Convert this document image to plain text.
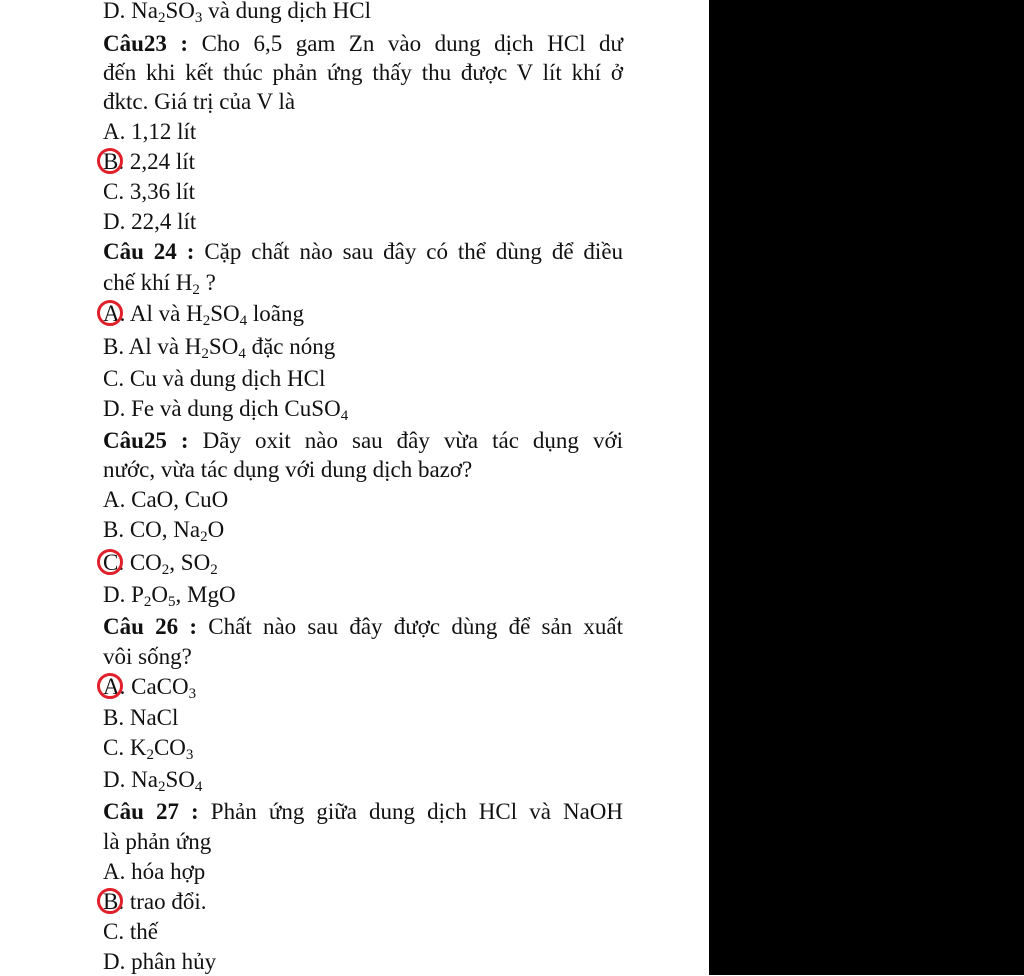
D. $Na_2SO_3$ và dung dịch HCl
Câu23 : Cho 6,5 gam Zn vào dung dịch HCl dư
đến khi kết thúc phản ứng thấy thu được V lít khí ở
đktc. Giá trị của V là
A. 1,12 lít
B. 2,24 lít
C. 3,36 lít
D. 22,4 lít
Câu 24 : Cặp chất nào sau đây có thể dùng để điều
chế khí $H_2$ ?
A. Al và $H_2SO_4$ loãng
B. Al và $H_2SO_4$ đặc nóng
C. Cu và dung dịch HCl
D. Fe và dung dịch CuSO$_4$
Câu25 : Dãy oxit nào sau đây vừa tác dụng với
nước, vừa tác dụng với dung dịch bazơ?
A. CaO, CuO
B. CO, $Na_2O$
C. $CO_2$, $SO_2$
D. $P_2O_5$, MgO
Câu 26 : Chất nào sau đây được dùng để sản xuất
vôi sống?
A. CaCO$_3$
B. NaCl
C. $K_2CO_3$
D. $Na_2SO_4$
Câu 27 : Phản ứng giữa dung dịch HCl và NaOH
là phản ứng
A. hóa hợp
B. trao đổi.
C. thế
D. phân hủy
